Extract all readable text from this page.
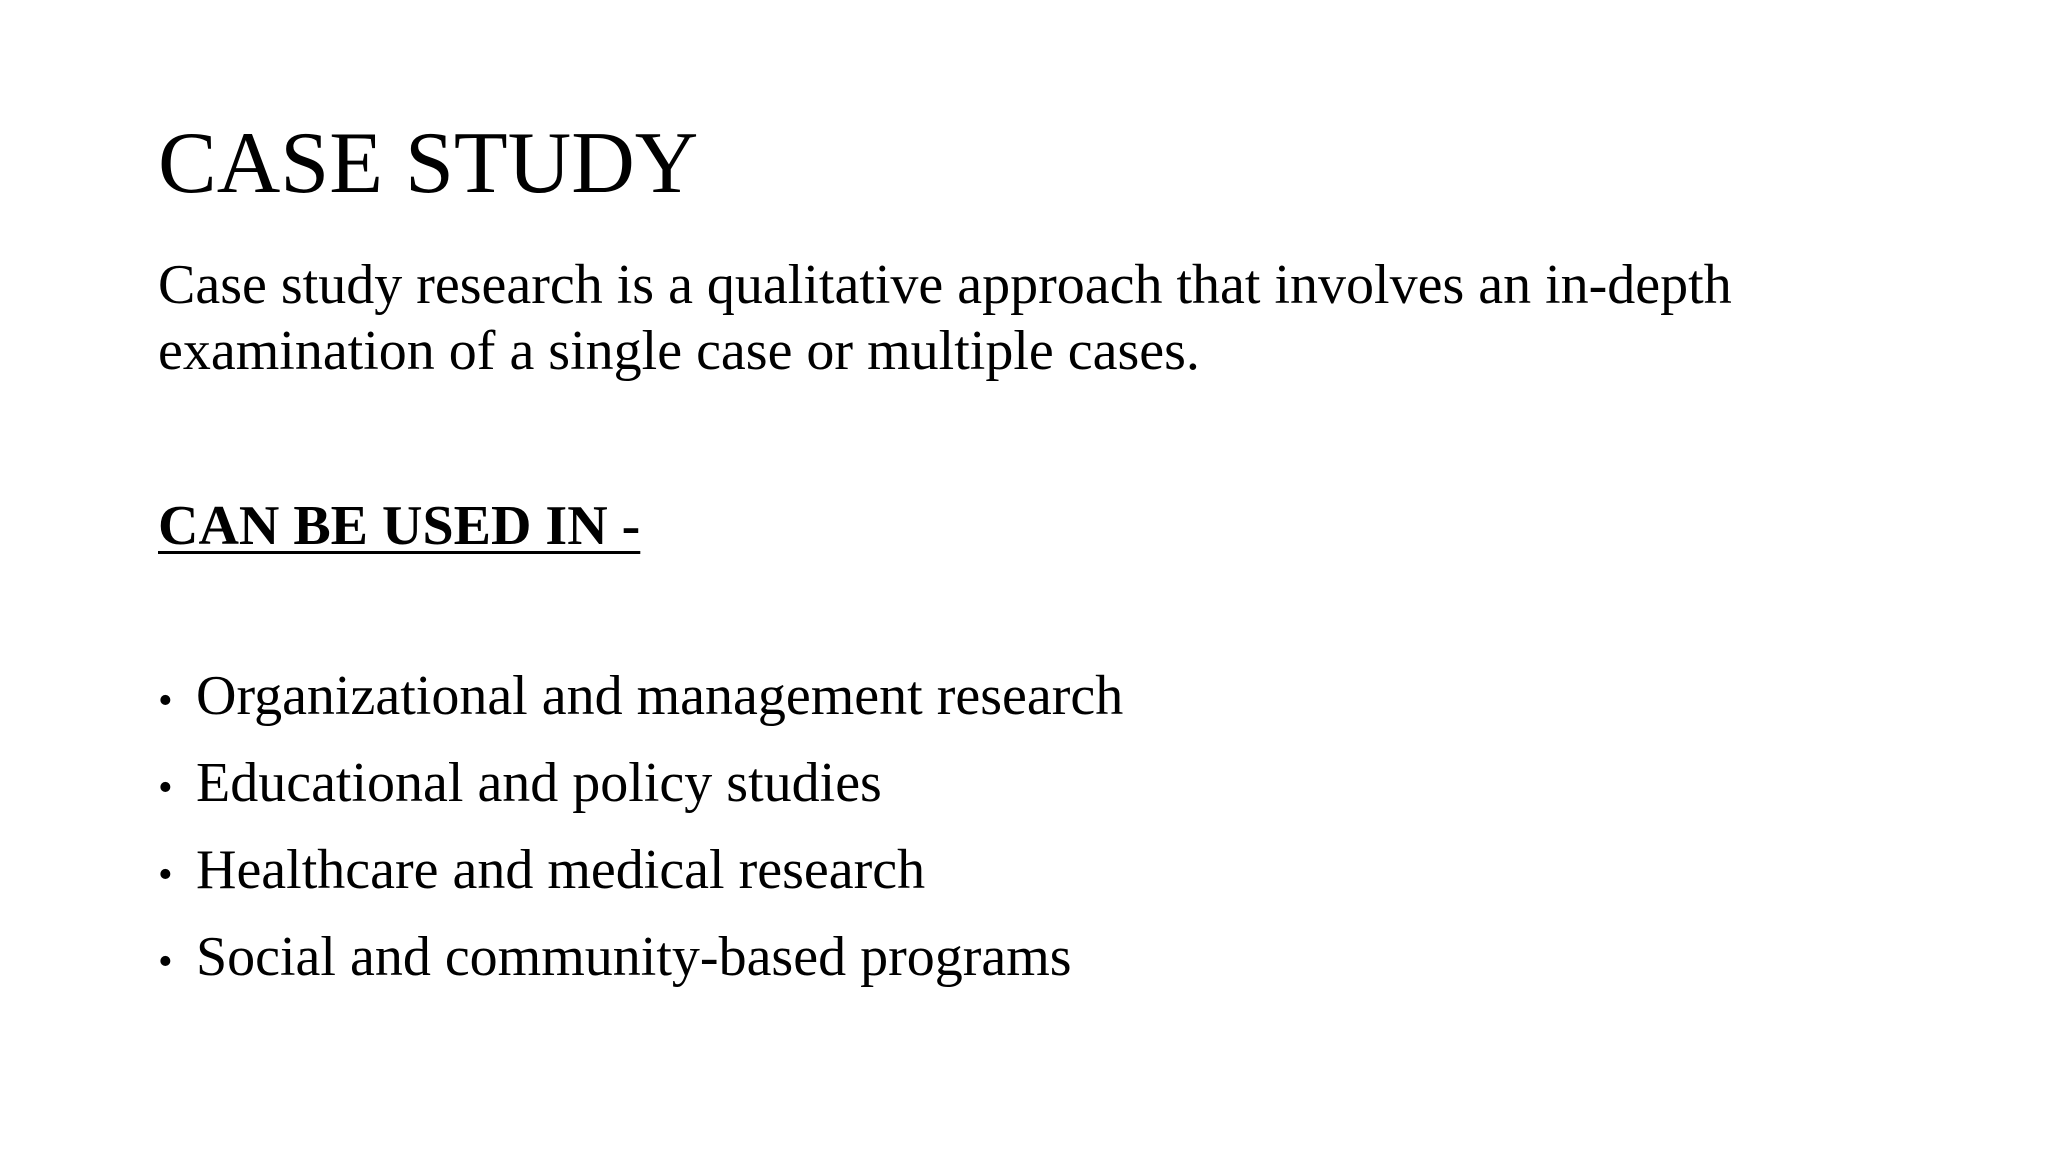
CASE STUDY

Case study research is a qualitative approach that involves an in-depth examination of a single case or multiple cases.

CAN BE USED IN -
• Organizational and management research
• Educational and policy studies
• Healthcare and medical research
• Social and community-based programs
